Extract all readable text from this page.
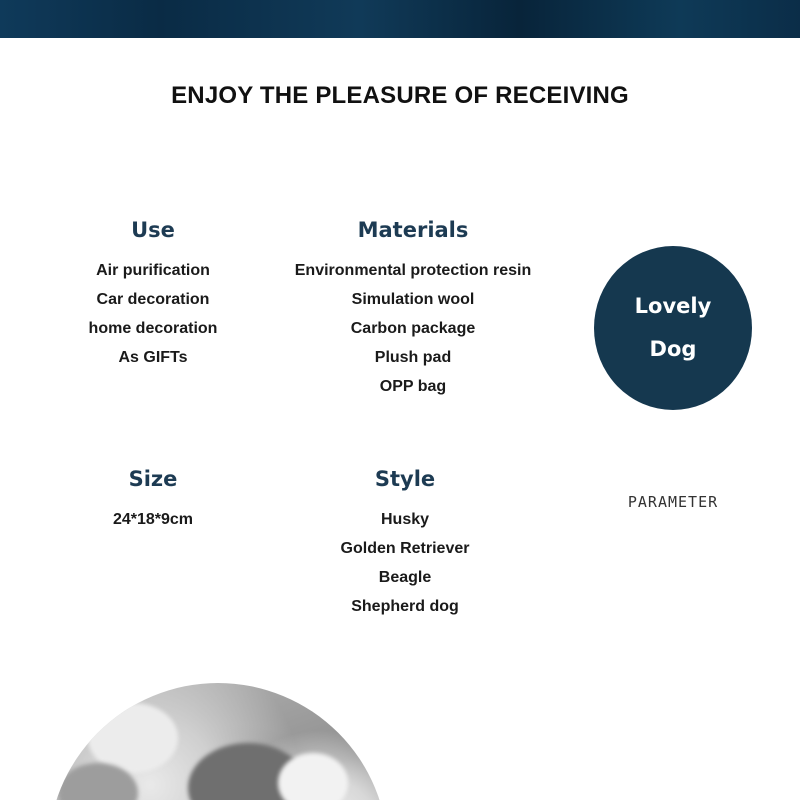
ENJOY THE PLEASURE OF RECEIVING
Use
Air purification
Car decoration
home decoration
As GIFTs
Materials
Environmental protection resin
Simulation wool
Carbon package
Plush pad
OPP bag
Lovely
Dog
Size
24*18*9cm
Style
Husky
Golden Retriever
Beagle
Shepherd dog
PARAMETER
